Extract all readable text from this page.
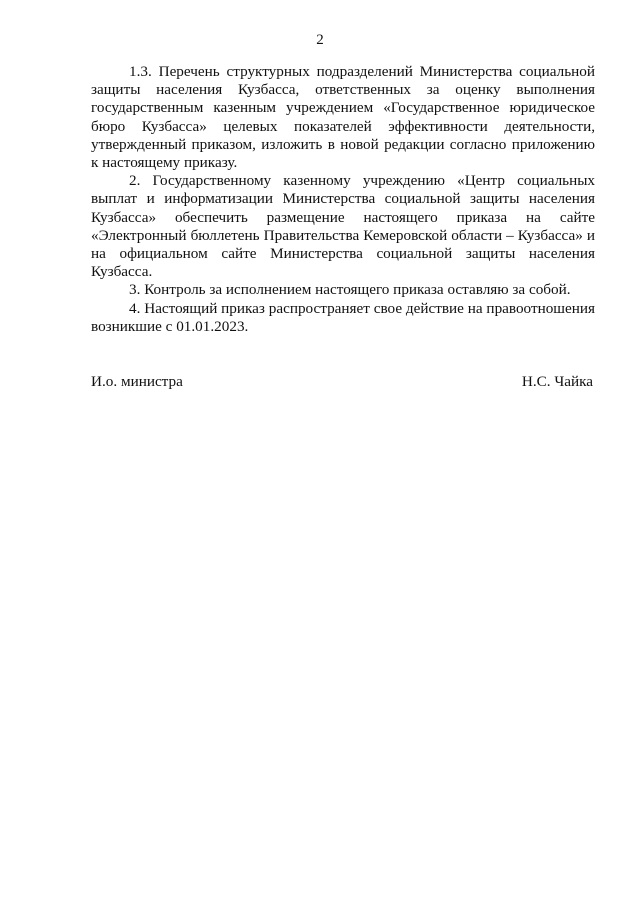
2

1.3. Перечень структурных подразделений Министерства социальной защиты населения Кузбасса, ответственных за оценку выполнения государственным казенным учреждением «Государственное юридическое бюро Кузбасса» целевых показателей эффективности деятельности, утвержденный приказом, изложить в новой редакции согласно приложению к настоящему приказу.

2. Государственному казенному учреждению «Центр социальных выплат и информатизации Министерства социальной защиты населения Кузбасса» обеспечить размещение настоящего приказа на сайте «Электронный бюллетень Правительства Кемеровской области – Кузбасса» и на официальном сайте Министерства социальной защиты населения Кузбасса.

3. Контроль за исполнением настоящего приказа оставляю за собой.

4. Настоящий приказ распространяет свое действие на правоотношения возникшие с 01.01.2023.

И.о. министра	Н.С. Чайка
